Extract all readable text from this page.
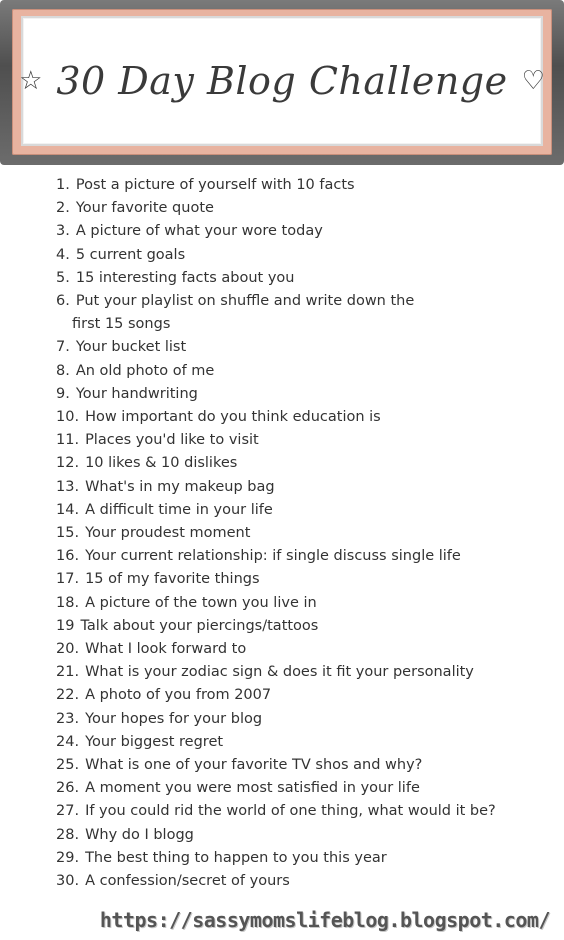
☆ 30 Day Blog Challenge ♡
1. Post a picture of yourself with 10 facts
2. Your favorite quote
3. A picture of what your wore today
4. 5 current goals
5. 15 interesting facts about you
6. Put your playlist on shuffle and write down the
first 15 songs
7. Your bucket list
8. An old photo of me
9. Your handwriting
10. How important do you think education is
11. Places you'd like to visit
12. 10 likes & 10 dislikes
13. What's in my makeup bag
14. A difficult time in your life
15. Your proudest moment
16. Your current relationship: if single discuss single life
17. 15 of my favorite things
18. A picture of the town you live in
19 Talk about your piercings/tattoos
20. What I look forward to
21. What is your zodiac sign & does it fit your personality
22. A photo of you from 2007
23. Your hopes for your blog
24. Your biggest regret
25. What is one of your favorite TV shos and why?
26. A moment you were most satisfied in your life
27. If you could rid the world of one thing, what would it be?
28. Why do I blogg
29. The best thing to happen to you this year
30. A confession/secret of yours
https://sassymomslifeblog.blogspot.com/
